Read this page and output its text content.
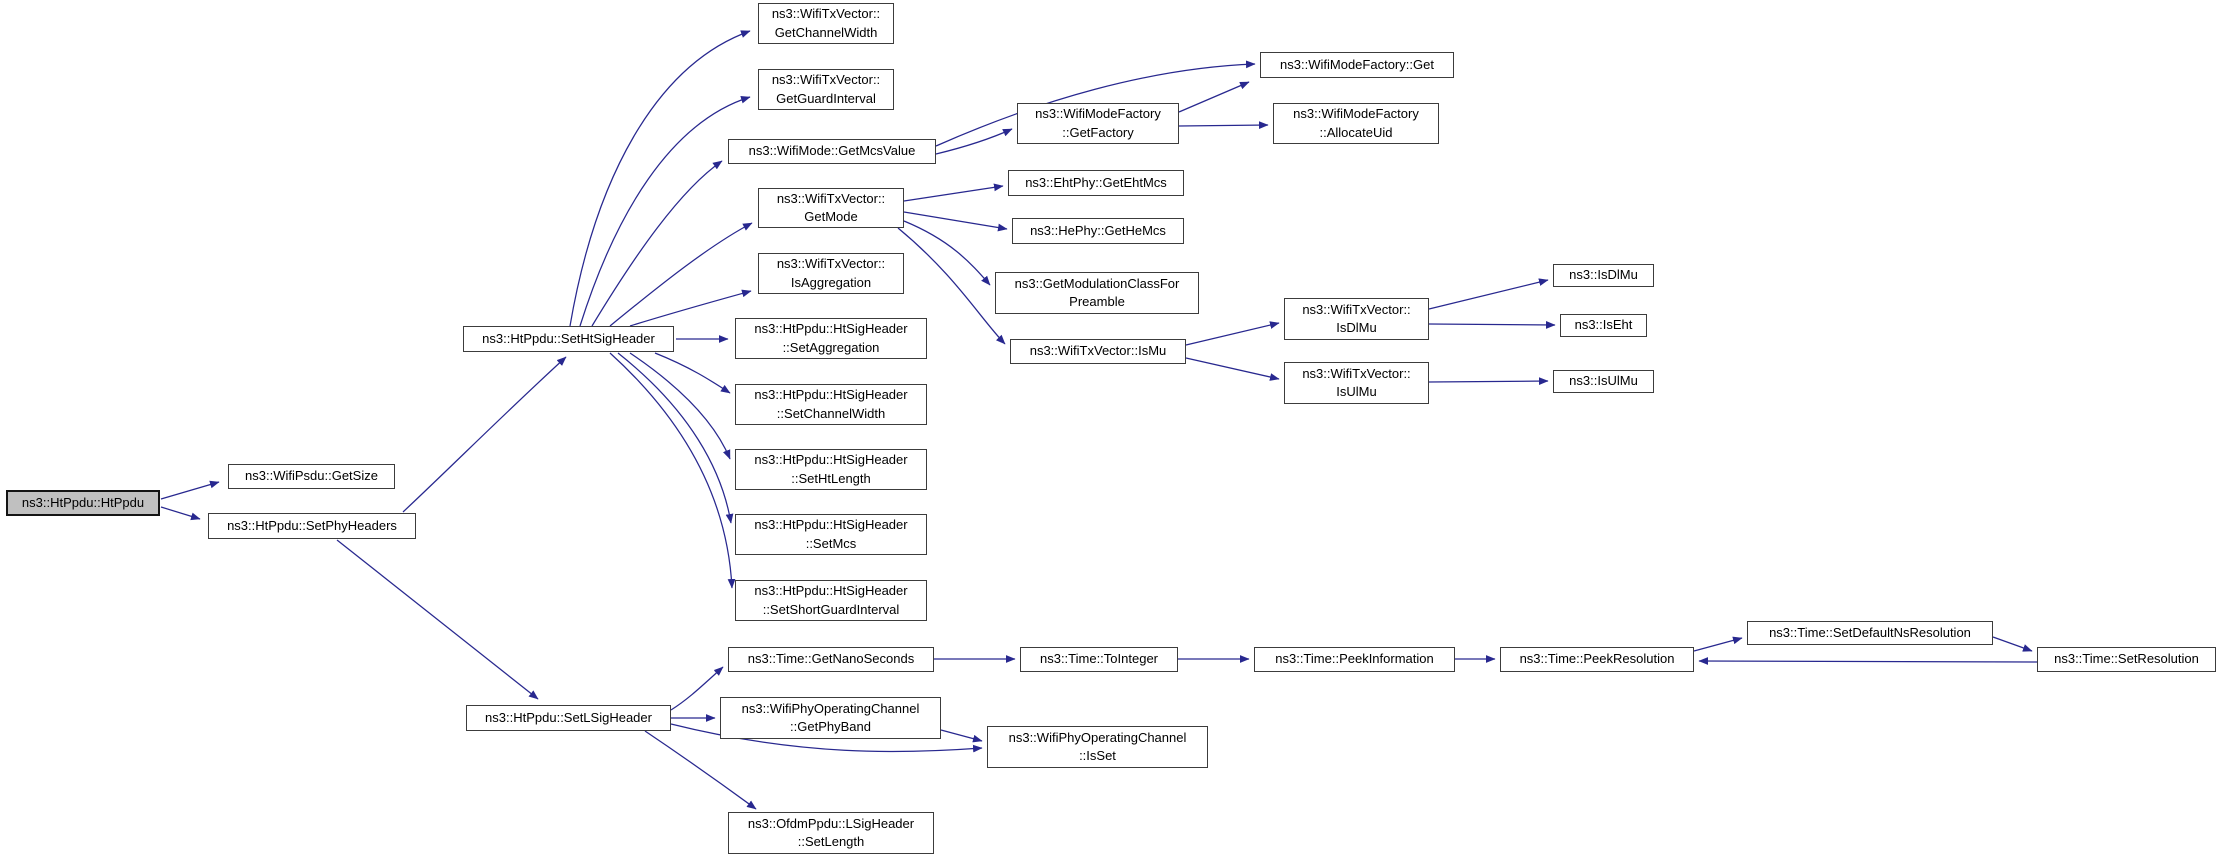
ns3::HtPpdu::HtPpdu
ns3::WifiPsdu::GetSize
ns3::HtPpdu::SetPhyHeaders
ns3::HtPpdu::SetHtSigHeader
ns3::HtPpdu::SetLSigHeader
ns3::WifiTxVector::
GetChannelWidth
ns3::WifiTxVector::
GetGuardInterval
ns3::WifiMode::GetMcsValue
ns3::WifiTxVector::
GetMode
ns3::WifiTxVector::
IsAggregation
ns3::HtPpdu::HtSigHeader
::SetAggregation
ns3::HtPpdu::HtSigHeader
::SetChannelWidth
ns3::HtPpdu::HtSigHeader
::SetHtLength
ns3::HtPpdu::HtSigHeader
::SetMcs
ns3::HtPpdu::HtSigHeader
::SetShortGuardInterval
ns3::Time::GetNanoSeconds
ns3::WifiPhyOperatingChannel
::GetPhyBand
ns3::OfdmPpdu::LSigHeader
::SetLength
ns3::Time::ToInteger
ns3::WifiPhyOperatingChannel
::IsSet
ns3::Time::PeekInformation	ns3::Time::PeekResolution
ns3::Time::SetDefaultNsResolution
ns3::Time::SetResolution
ns3::EhtPhy::GetEhtMcs
ns3::HePhy::GetHeMcs
ns3::GetModulationClassFor
Preamble
ns3::WifiTxVector::IsMu
ns3::WifiModeFactory
::GetFactory
ns3::WifiModeFactory::Get
ns3::WifiModeFactory
::AllocateUid
ns3::WifiTxVector::
IsDlMu
ns3::WifiTxVector::
IsUlMu
ns3::IsDlMu
ns3::IsEht
ns3::IsUlMu
